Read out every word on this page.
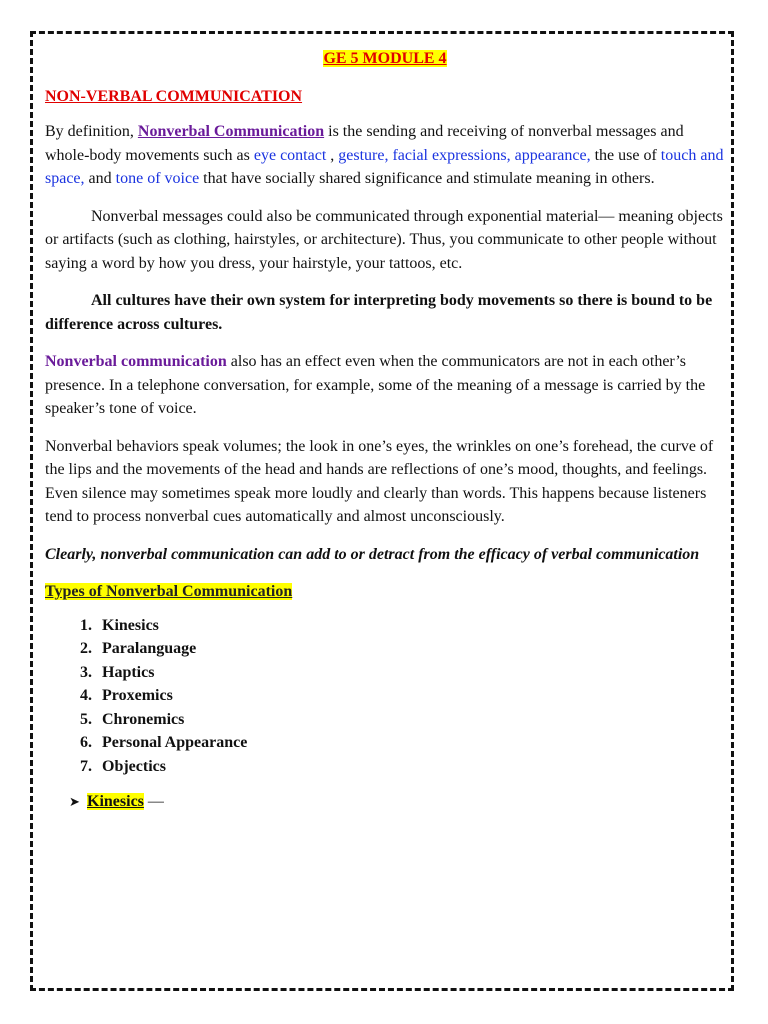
GE 5 MODULE 4
NON-VERBAL COMMUNICATION

By definition, Nonverbal Communication is the sending and receiving of nonverbal messages and whole-body movements such as eye contact , gesture, facial expressions, appearance, the use of touch and space, and tone of voice that have socially shared significance and stimulate meaning in others.

Nonverbal messages could also be communicated through exponential material— meaning objects or artifacts (such as clothing, hairstyles, or architecture). Thus, you communicate to other people without saying a word by how you dress, your hairstyle, your tattoos, etc.

All cultures have their own system for interpreting body movements so there is bound to be difference across cultures.

Nonverbal communication also has an effect even when the communicators are not in each other’s presence. In a telephone conversation, for example, some of the meaning of a message is carried by the speaker’s tone of voice.

Nonverbal behaviors speak volumes; the look in one’s eyes, the wrinkles on one’s forehead, the curve of the lips and the movements of the head and hands are reflections of one’s mood, thoughts, and feelings. Even silence may sometimes speak more loudly and clearly than words. This happens because listeners tend to process nonverbal cues automatically and almost unconsciously.

Clearly, nonverbal communication can add to or detract from the efficacy of verbal communication

Types of Nonverbal Communication
1. Kinesics
2. Paralanguage
3. Haptics
4. Proxemics
5. Chronemics
6. Personal Appearance
7. Objectics
➤ Kinesics —
